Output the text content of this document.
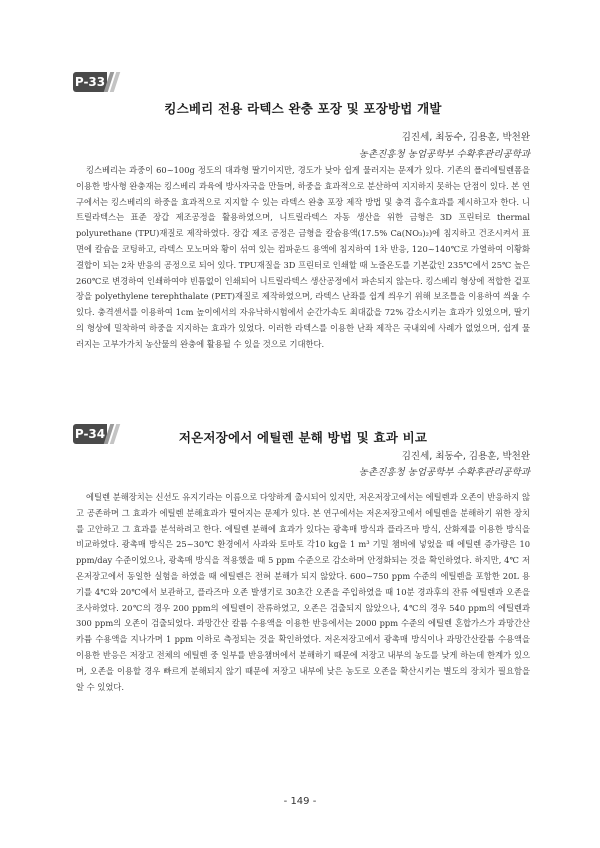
P-33
킹스베리 전용 라텍스 완충 포장 및 포장방법 개발
김진세, 최동수, 김용훈, 박천완
농촌진흥청 농업공학부 수확후관리공학과

킹스베리는 과중이 60~100g 정도의 대과형 딸기이지만, 경도가 낮아 쉽게 물러지는 문제가 있다. 기존의 폴리에틸렌폼을 이용한 방사형 완충재는 킹스베리 과육에 방사자국을 만들며, 하중을 효과적으로 분산하여 지지하지 못하는 단점이 있다. 본 연구에서는 킹스베리의 하중을 효과적으로 지지할 수 있는 라텍스 완충 포장 제작 방법 및 충격 흡수효과를 제시하고자 한다. 니트릴라텍스는 표준 장갑 제조공정을 활용하였으며, 니트릴라텍스 자동 생산을 위한 금형은 3D 프린터로 thermal polyurethane (TPU)재질로 제작하였다. 장갑 제조 공정은 금형을 칼슘용액(17.5% Ca(NO₃)₂)에 침지하고 건조시켜서 표면에 칼슘을 코팅하고, 라텍스 모노머와 황이 섞여 있는 컴파운드 용액에 침지하여 1차 반응, 120~140℃로 가열하여 이황화 결합이 되는 2차 반응의 공정으로 되어 있다. TPU재질을 3D 프린터로 인쇄할 때 노즐온도를 기본값인 235℃에서 25℃ 높은 260℃로 변경하여 인쇄하여야 빈틈없이 인쇄되어 니트릴라텍스 생산공정에서 파손되지 않는다. 킹스베리 형상에 적합한 겉포장을 polyethylene terephthalate (PET)재질로 제작하였으며, 라텍스 난좌를 쉽게 씌우기 위해 보조틀을 이용하여 씌울 수 있다. 충격센서를 이용하여 1cm 높이에서의 자유낙하시험에서 순간가속도 최대값을 72% 감소시키는 효과가 있었으며, 딸기의 형상에 밀착하여 하중을 지지하는 효과가 있었다. 이러한 라텍스를 이용한 난좌 제작은 국내외에 사례가 없었으며, 쉽게 물러지는 고부가가치 농산물의 완충에 활용될 수 있을 것으로 기대한다.

P-34	저온저장에서 에틸렌 분해 방법 및 효과 비교
김진세, 최동수, 김용훈, 박천완
농촌진흥청 농업공학부 수확후관리공학과

에틸렌 분해장치는 신선도 유지기라는 이름으로 다양하게 출시되어 있지만, 저온저장고에서는 에틸렌과 오존이 반응하지 않고 공존하며 그 효과가 에틸렌 분해효과가 떨어지는 문제가 있다. 본 연구에서는 저온저장고에서 에틸렌을 분해하기 위한 장치를 고안하고 그 효과를 분석하려고 한다. 에틸렌 분해에 효과가 있다는 광촉매 방식과 플라즈마 방식, 산화제를 이용한 방식을 비교하였다. 광촉매 방식은 25~30℃ 환경에서 사과와 토마토 각10 kg을 1 m³ 기밀 챔버에 넣었을 때 에틸렌 증가량은 10 ppm/day 수준이었으나, 광촉매 방식을 적용했을 때 5 ppm 수준으로 감소하며 안정화되는 것을 확인하였다. 하지만, 4℃ 저온저장고에서 동일한 실험을 하였을 때 에틸렌은 전혀 분해가 되지 않았다. 600~750 ppm 수준의 에틸렌을 포함한 20L 용기를 4℃와 20℃에서 보관하고, 플라즈마 오존 발생기로 30초간 오존을 주입하였을 때 10분 경과후의 잔류 에틸렌과 오존을 조사하였다. 20℃의 경우 200 ppm의 에틸렌이 잔류하였고, 오존은 검출되지 않았으나, 4℃의 경우 540 ppm의 에틸렌과 300 ppm의 오존이 검출되었다. 과망간산 칼륨 수용액을 이용한 반응에서는 2000 ppm 수준의 에틸렌 혼합가스가 과망간산카륨 수용액을 지나가며 1 ppm 이하로 측정되는 것을 확인하였다. 저온저장고에서 광촉매 방식이나 과망간산칼륨 수용액을 이용한 반응은 저장고 전체의 에틸렌 중 일부를 반응챔버에서 분해하기 때문에 저장고 내부의 농도를 낮게 하는데 한계가 있으며, 오존을 이용할 경우 빠르게 분해되지 않기 때문에 저장고 내부에 낮은 농도로 오존을 확산시키는 별도의 장치가 필요함을 알 수 있었다.

- 149 -
